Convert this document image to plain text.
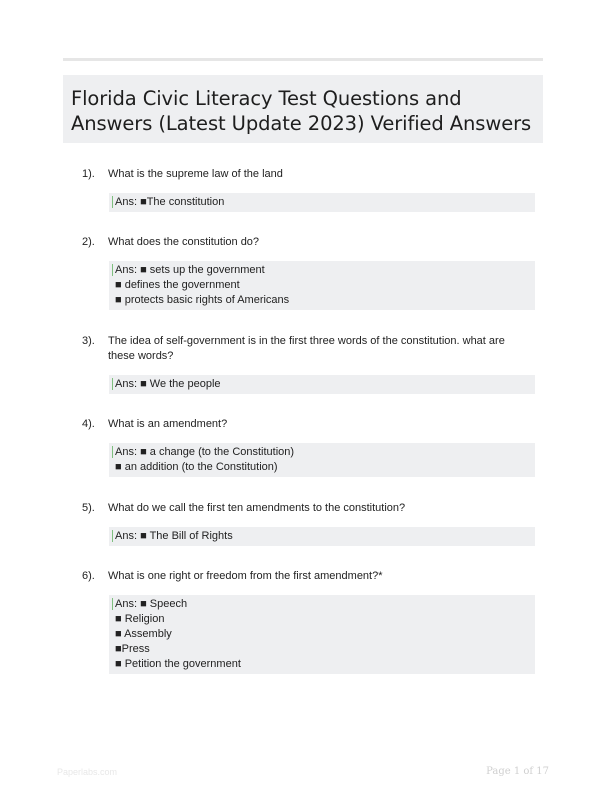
Florida Civic Literacy Test Questions and Answers (Latest Update 2023) Verified Answers
1). What is the supreme law of the land
Ans: ■The constitution
2). What does the constitution do?
Ans: ■ sets up the government
■ defines the government
■ protects basic rights of Americans
3). The idea of self-government is in the first three words of the constitution. what are these words?
Ans: ■ We the people
4). What is an amendment?
Ans: ■ a change (to the Constitution)
■ an addition (to the Constitution)
5). What do we call the first ten amendments to the constitution?
Ans: ■ The Bill of Rights
6). What is one right or freedom from the first amendment?*
Ans: ■ Speech
■ Religion
■ Assembly
■Press
■ Petition the government
Paperlabs.com	Page 1 of 17
